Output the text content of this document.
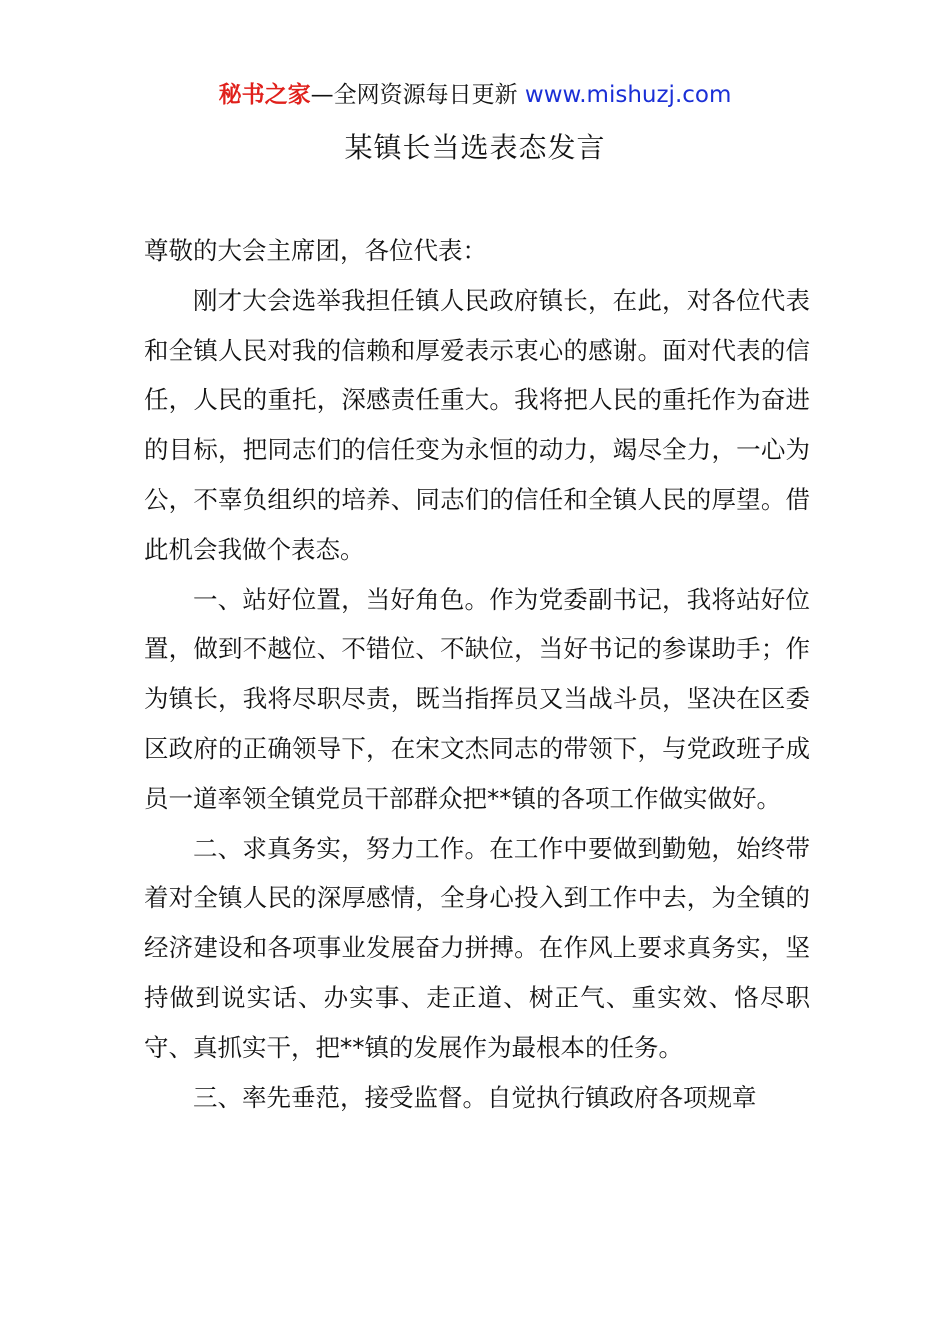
秘书之家—全网资源每日更新 www.mishuzj.com
某镇长当选表态发言

尊敬的大会主席团，各位代表：

刚才大会选举我担任镇人民政府镇长，在此，对各位代表和全镇人民对我的信赖和厚爱表示衷心的感谢。面对代表的信任，人民的重托，深感责任重大。我将把人民的重托作为奋进的目标，把同志们的信任变为永恒的动力，竭尽全力，一心为公，不辜负组织的培养、同志们的信任和全镇人民的厚望。借此机会我做个表态。

一、站好位置，当好角色。作为党委副书记，我将站好位置，做到不越位、不错位、不缺位，当好书记的参谋助手；作为镇长，我将尽职尽责，既当指挥员又当战斗员，坚决在区委区政府的正确领导下，在宋文杰同志的带领下，与党政班子成员一道率领全镇党员干部群众把**镇的各项工作做实做好。

二、求真务实，努力工作。在工作中要做到勤勉，始终带着对全镇人民的深厚感情，全身心投入到工作中去，为全镇的经济建设和各项事业发展奋力拼搏。在作风上要求真务实，坚持做到说实话、办实事、走正道、树正气、重实效、恪尽职守、真抓实干，把**镇的发展作为最根本的任务。

三、率先垂范，接受监督。自觉执行镇政府各项规章
